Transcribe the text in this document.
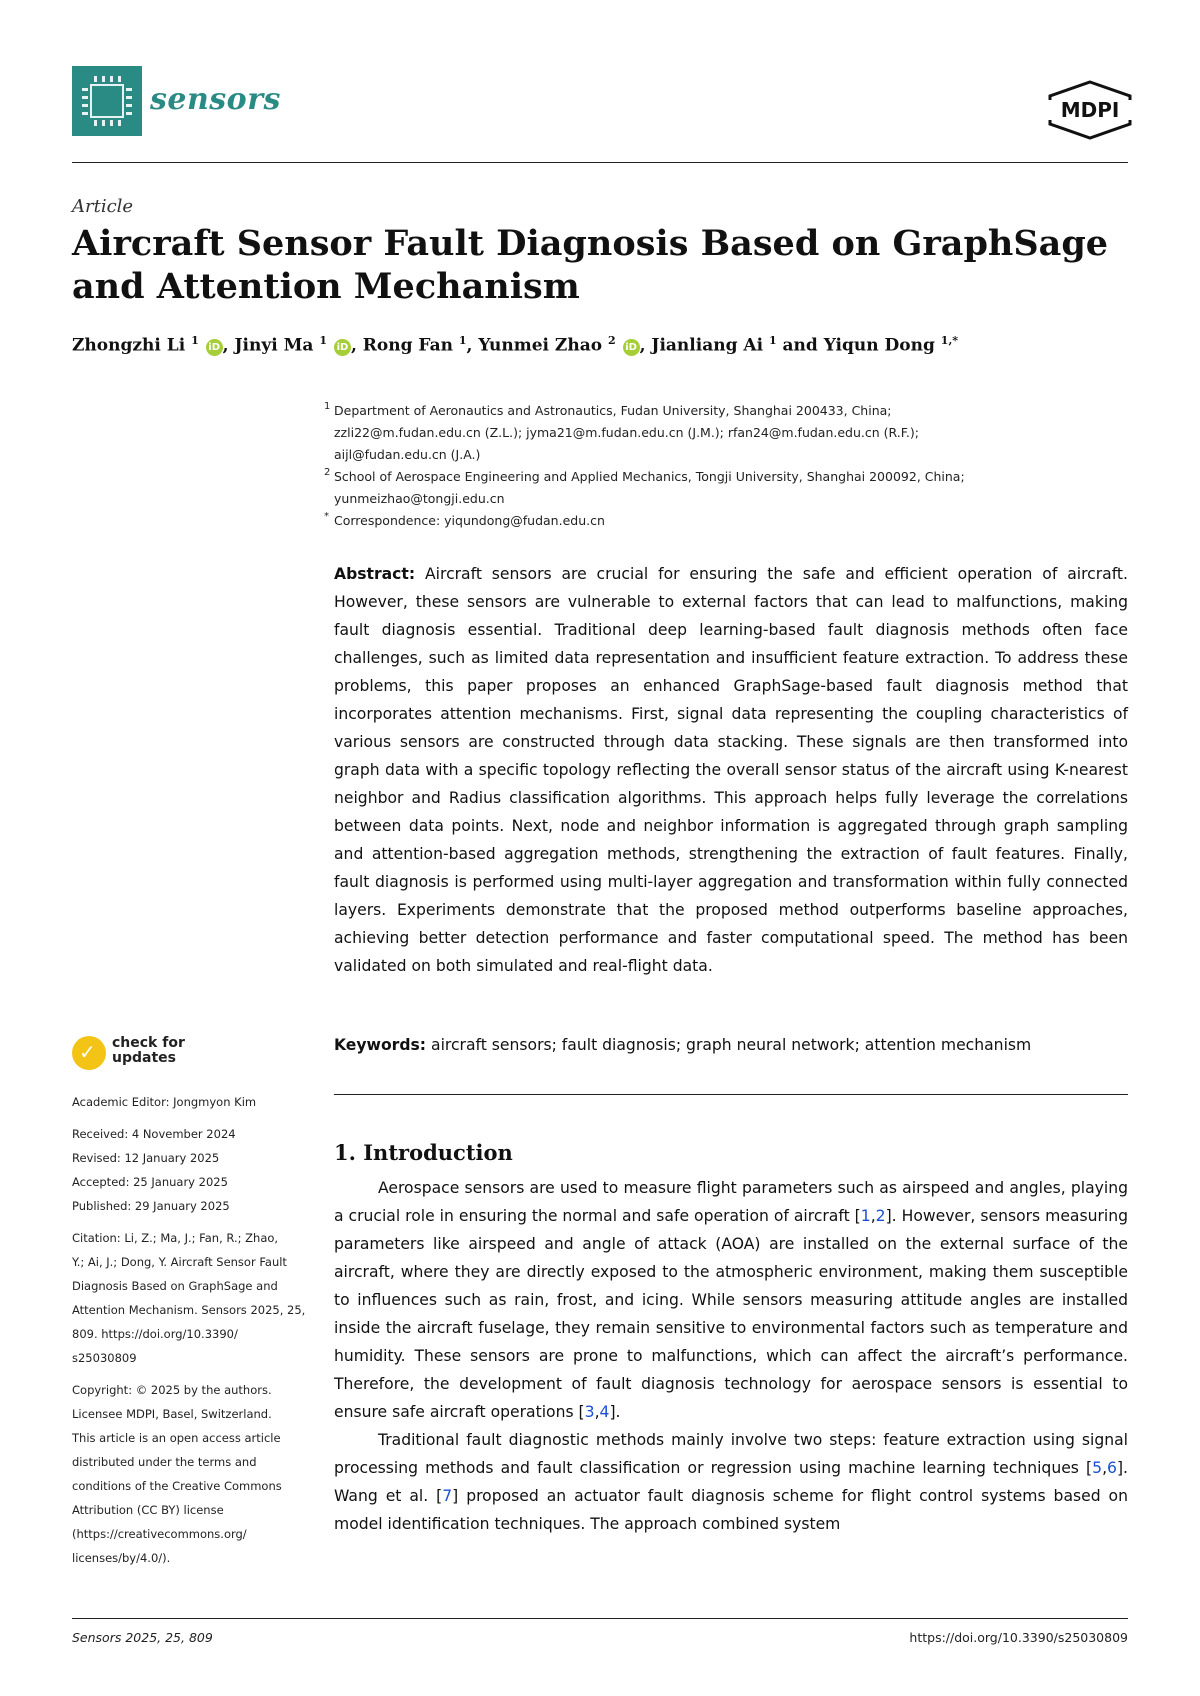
sensors	MDPI
Article
Aircraft Sensor Fault Diagnosis Based on GraphSage and Attention Mechanism
Zhongzhi Li $^1$ iD , Jinyi Ma $^1$ iD , Rong Fan $^1$, Yunmei Zhao $^2$ iD , Jianliang Ai $^1$ and Yiqun Dong $^{1,*}$
1 Department of Aeronautics and Astronautics, Fudan University, Shanghai 200433, China;
zzli22@m.fudan.edu.cn (Z.L.); jyma21@m.fudan.edu.cn (J.M.); rfan24@m.fudan.edu.cn (R.F.);
aijl@fudan.edu.cn (J.A.)
2 School of Aerospace Engineering and Applied Mechanics, Tongji University, Shanghai 200092, China;
yunmeizhao@tongji.edu.cn
* Correspondence: yiqundong@fudan.edu.cn
Abstract: Aircraft sensors are crucial for ensuring the safe and efficient operation of aircraft. However, these sensors are vulnerable to external factors that can lead to malfunctions, making fault diagnosis essential. Traditional deep learning-based fault diagnosis methods often face challenges, such as limited data representation and insufficient feature extraction. To address these problems, this paper proposes an enhanced GraphSage-based fault diagnosis method that incorporates attention mechanisms. First, signal data representing the coupling characteristics of various sensors are constructed through data stacking. These signals are then transformed into graph data with a specific topology reflecting the overall sensor status of the aircraft using K-nearest neighbor and Radius classification algorithms. This approach helps fully leverage the correlations between data points. Next, node and neighbor information is aggregated through graph sampling and attention-based aggregation methods, strengthening the extraction of fault features. Finally, fault diagnosis is performed using multi-layer aggregation and transformation within fully connected layers. Experiments demonstrate that the proposed method outperforms baseline approaches, achieving better detection performance and faster computational speed. The method has been validated on both simulated and real-flight data.
Keywords: aircraft sensors; fault diagnosis; graph neural network; attention mechanism
1. Introduction

Aerospace sensors are used to measure flight parameters such as airspeed and angles, playing a crucial role in ensuring the normal and safe operation of aircraft [1,2]. However, sensors measuring parameters like airspeed and angle of attack (AOA) are installed on the external surface of the aircraft, where they are directly exposed to the atmospheric environment, making them susceptible to influences such as rain, frost, and icing. While sensors measuring attitude angles are installed inside the aircraft fuselage, they remain sensitive to environmental factors such as temperature and humidity. These sensors are prone to malfunctions, which can affect the aircraft’s performance. Therefore, the development of fault diagnosis technology for aerospace sensors is essential to ensure safe aircraft operations [3,4].

Traditional fault diagnostic methods mainly involve two steps: feature extraction using signal processing methods and fault classification or regression using machine learning techniques [5,6]. Wang et al. [7] proposed an actuator fault diagnosis scheme for flight control systems based on model identification techniques. The approach combined system

✓ check for
updates
Academic Editor: Jongmyon Kim
Received: 4 November 2024
Revised: 12 January 2025
Accepted: 25 January 2025
Published: 29 January 2025
Citation: Li, Z.; Ma, J.; Fan, R.; Zhao,
Y.; Ai, J.; Dong, Y. Aircraft Sensor Fault
Diagnosis Based on GraphSage and
Attention Mechanism. Sensors 2025, 25,
809. https://doi.org/10.3390/
s25030809
Copyright: © 2025 by the authors.
Licensee MDPI, Basel, Switzerland.
This article is an open access article
distributed under the terms and
conditions of the Creative Commons
Attribution (CC BY) license
(https://creativecommons.org/
licenses/by/4.0/).
Sensors 2025, 25, 809	https://doi.org/10.3390/s25030809
